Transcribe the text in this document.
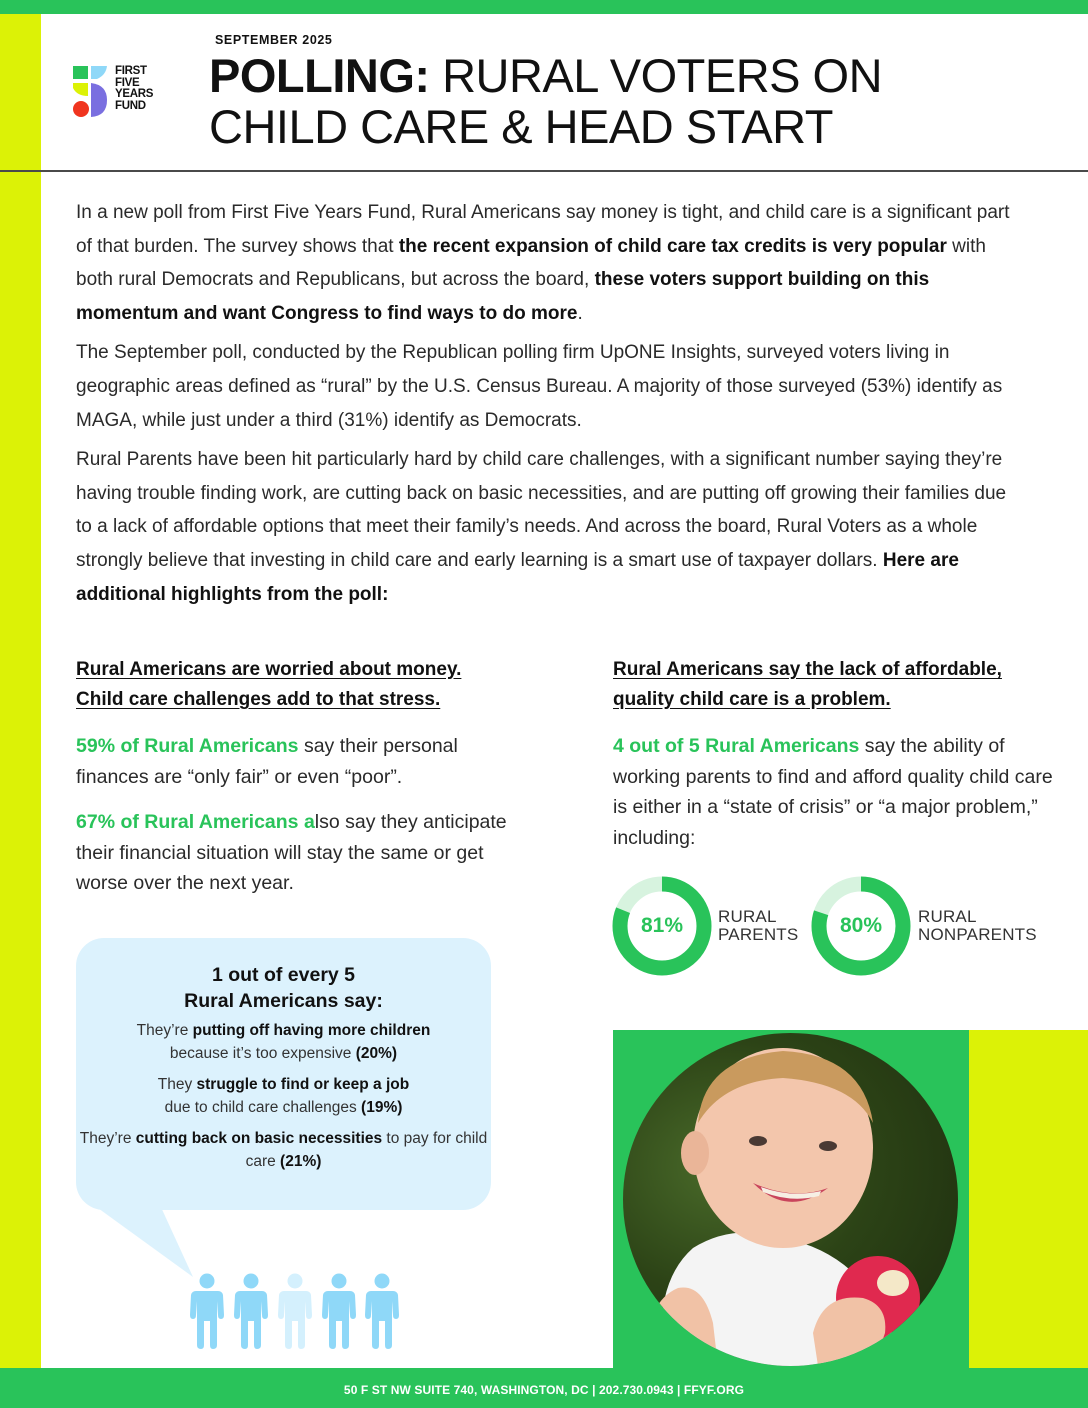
FIRST
FIVE
YEARS
FUND
SEPTEMBER 2025
POLLING: RURAL VOTERS ON
CHILD CARE & HEAD START

In a new poll from First Five Years Fund, Rural Americans say money is tight, and child care is a significant part of that burden. The survey shows that the recent expansion of child care tax credits is very popular with both rural Democrats and Republicans, but across the board, these voters support building on this momentum and want Congress to find ways to do more.

The September poll, conducted by the Republican polling firm UpONE Insights, surveyed voters living in geographic areas defined as “rural” by the U.S. Census Bureau. A majority of those surveyed (53%) identify as MAGA, while just under a third (31%) identify as Democrats.

Rural Parents have been hit particularly hard by child care challenges, with a significant number saying they’re having trouble finding work, are cutting back on basic necessities, and are putting off growing their families due to a lack of affordable options that meet their family’s needs. And across the board, Rural Voters as a whole strongly believe that investing in child care and early learning is a smart use of taxpayer dollars. Here are additional highlights from the poll:

Rural Americans are worried about money.
Child care challenges add to that stress.

59% of Rural Americans say their personal finances are “only fair” or even “poor”.

67% of Rural Americans also say they anticipate their financial situation will stay the same or get worse over the next year.

Rural Americans say the lack of affordable,
quality child care is a problem.

4 out of 5 Rural Americans say the ability of working parents to find and afford quality child care is either in a “state of crisis” or “a major problem,” including:

81%	RURAL
PARENTS	80%	RURAL
NONPARENTS
1 out of every 5
Rural Americans say:
They’re putting off having more children
because it’s too expensive (20%)
They struggle to find or keep a job
due to child care challenges (19%)
They’re cutting back on basic necessities to pay for child care (21%)
50 F ST NW SUITE 740, WASHINGTON, DC | 202.730.0943 | FFYF.ORG
